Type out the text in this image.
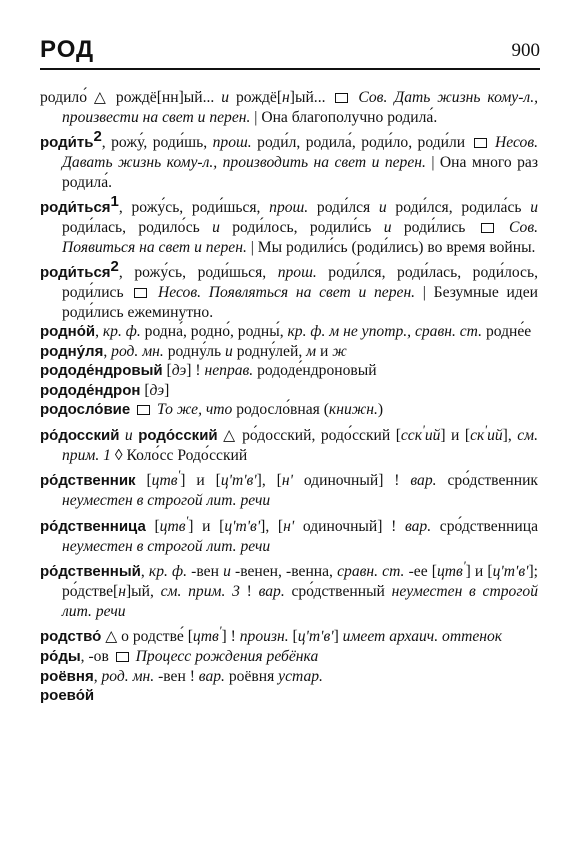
РОД	900
родило́ △ рождё[нн]ый... и рождё[н]ый...  Сов. Дать жизнь кому-л., произвести на свет и перен. | Она благополучно родила́.
$роди́ть^2$, рожу́, роди́шь, прош. роди́л, родила́, роди́ло, роди́ли  Несов. Давать жизнь кому-л., производить на свет и перен. | Она много раз родила́.
роди́ться$^1$, рожу́сь, роди́шься, прош. роди́лся и роди́лся, родила́сь и роди́лась, родило́сь и роди́лось, родили́сь и роди́лись  Сов. Появиться на свет и перен. | Мы родили́сь (роди́лись) во время войны.
роди́ться$^2$, рожу́сь, роди́шься, прош. роди́лся, роди́лась, роди́лось, роди́лись  Несов. Появляться на свет и перен. | Безумные идеи роди́лись ежеминутно.
родно́й, кр. ф. родна́, родно́, родны́, кр. ф. м не употр., сравн. ст. родне́е
родну́ля, род. мн. родну́ль и родну́лей, м и ж
рододе́ндровый [дэ] ! неправ. рододе́ндроновый
рододе́ндрон [дэ]
родосло́вие  То же, что родосло́вная (книжн.)
ро́досский и родо́сский △ ро́досский, родо́сский [сск$^ʹ$ий] и $[ск^ʹий]$, см. прим. 1 ◊ Коло́сс Родо́сский
ро́дственник [цтв$^ʹ$] и [цʹтʹвʹ], [нʹ одиночный] ! вар. сро́дственник неуместен в строгой лит. речи
ро́дственница [цтв$^ʹ$] и [цʹтʹвʹ], [нʹ одиночный] ! вар. сро́дственница неуместен в строгой лит. речи
ро́дственный, кр. ф. -вен и -венен, -венна, сравн. ст. -ее [цтв$^ʹ$] и [цʹтʹвʹ]; ро́дстве[н]ый, см. прим. 3 ! вар. сро́дственный неуместен в строгой лит. речи
родство́ △ о родстве́ [цтв$^ʹ$] ! произн. [цʹтʹвʹ] имеет архаич. оттенок
ро́ды, -ов  Процесс рождения ребёнка
роёвня, род. мн. -вен ! вар. роёвня устар.
роево́й
